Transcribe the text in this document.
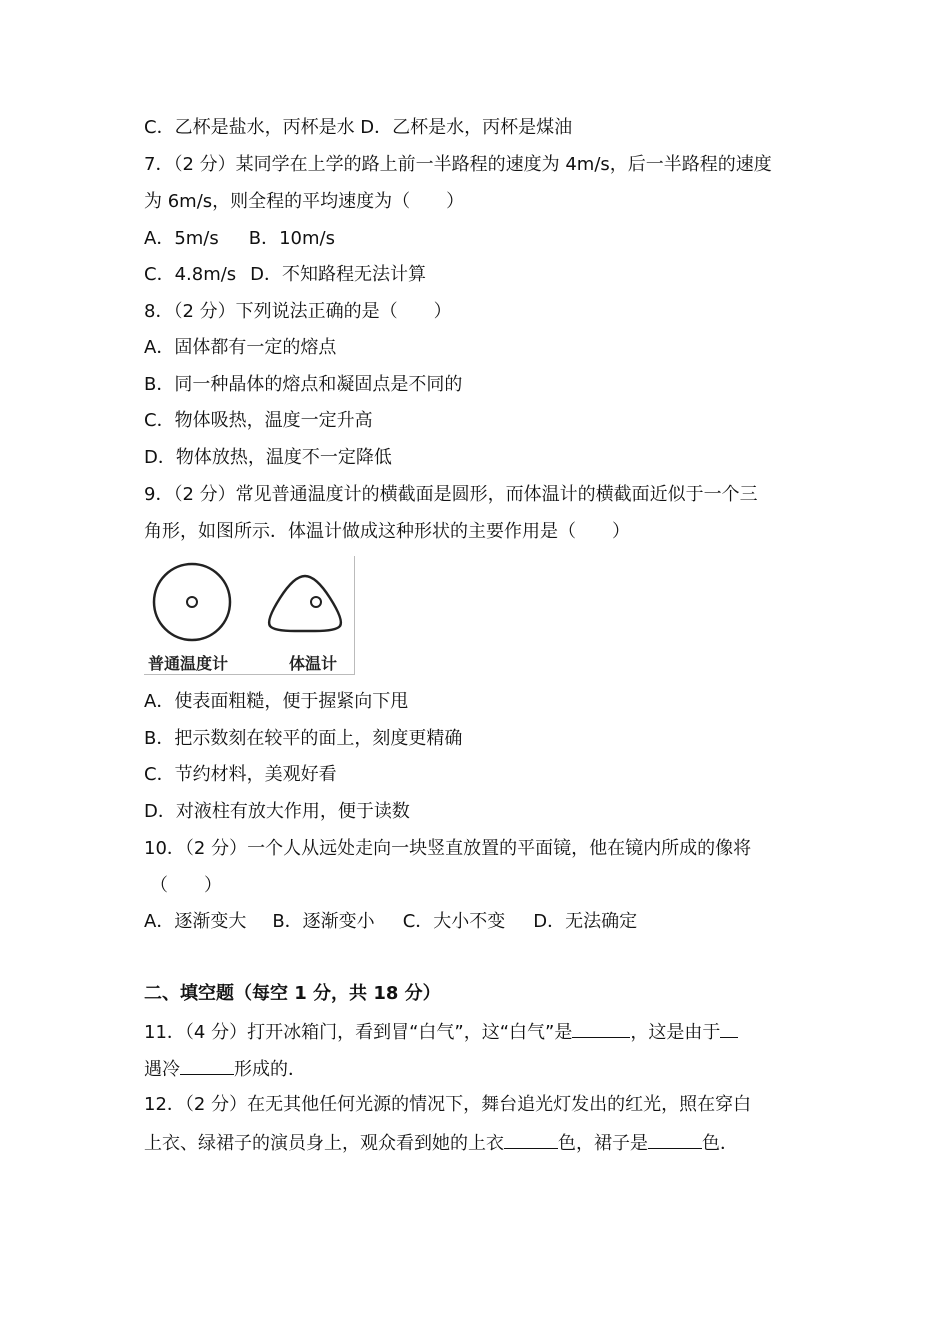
C．乙杯是盐水，丙杯是水 D．乙杯是水，丙杯是煤油
7．（2 分）某同学在上学的路上前一半路程的速度为 4m/s，后一半路程的速度
为 6m/s，则全程的平均速度为（　　）
A．5m/s B．10m/s
C．4.8m/s D．不知路程无法计算
8．（2 分）下列说法正确的是（　　）
A．固体都有一定的熔点
B．同一种晶体的熔点和凝固点是不同的
C．物体吸热，温度一定升高
D．物体放热，温度不一定降低
9．（2 分）常见普通温度计的横截面是圆形，而体温计的横截面近似于一个三
角形，如图所示．体温计做成这种形状的主要作用是（　　）
普通温度计	体温计
A．使表面粗糙，便于握紧向下甩
B．把示数刻在较平的面上，刻度更精确
C．节约材料，美观好看
D．对液柱有放大作用，便于读数
10．（2 分）一个人从远处走向一块竖直放置的平面镜，他在镜内所成的像将
（　　）
A．逐渐变大 B．逐渐变小 C．大小不变 D．无法确定
二、填空题（每空 1 分，共 18 分）
11．（4 分）打开冰箱门，看到冒“白气”，这“白气”是	，这是由于
遇冷	形成的．
12．（2 分）在无其他任何光源的情况下，舞台追光灯发出的红光，照在穿白
上衣、绿裙子的演员身上，观众看到她的上衣	色，裙子是	色．
